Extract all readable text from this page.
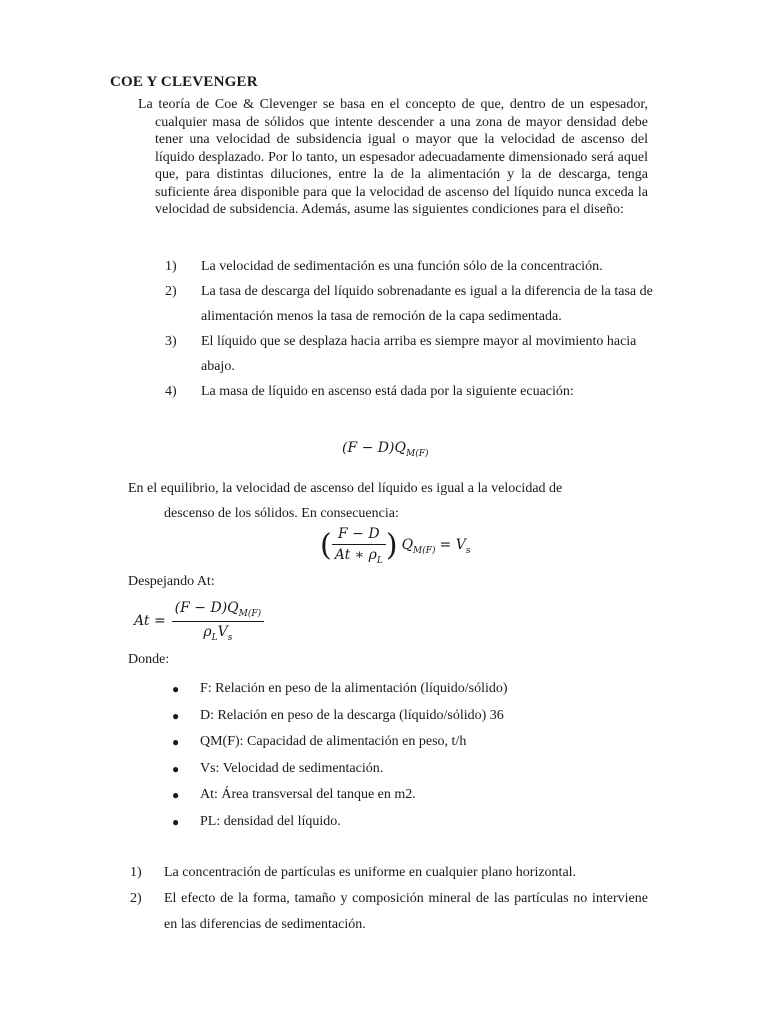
COE Y CLEVENGER

La teoría de Coe & Clevenger se basa en el concepto de que, dentro de un espesador, cualquier masa de sólidos que intente descender a una zona de mayor densidad debe tener una velocidad de subsidencia igual o mayor que la velocidad de ascenso del líquido desplazado. Por lo tanto, un espesador adecuadamente dimensionado será aquel que, para distintas diluciones, entre la de la alimentación y la de descarga, tenga suficiente área disponible para que la velocidad de ascenso del líquido nunca exceda la velocidad de subsidencia. Además, asume las siguientes condiciones para el diseño:

1) La velocidad de sedimentación es una función sólo de la concentración.
2) La tasa de descarga del líquido sobrenadante es igual a la diferencia de la tasa de alimentación menos la tasa de remoción de la capa sedimentada.
3) El líquido que se desplaza hacia arriba es siempre mayor al movimiento hacia abajo.
4) La masa de líquido en ascenso está dada por la siguiente ecuación:
$(F - D)Q_{M(F)}$

En el equilibrio, la velocidad de ascenso del líquido es igual a la velocidad de
descenso de los sólidos. En consecuencia:

( $\frac{F - D}{At ∗ \rho_L}$ ) $Q_{M(F)} = V_s$

Despejando At:

$At = \frac{(F - D)Q_{M(F)}}{\rho_LV_s}$

Donde:

● F: Relación en peso de la alimentación (líquido/sólido)
● D: Relación en peso de la descarga (líquido/sólido) 36
● QM(F): Capacidad de alimentación en peso, t/h
● Vs: Velocidad de sedimentación.
● At: Área transversal del tanque en m2.
● PL: densidad del líquido.
1) La concentración de partículas es uniforme en cualquier plano horizontal.
2) El efecto de la forma, tamaño y composición mineral de las partículas no interviene en las diferencias de sedimentación.
